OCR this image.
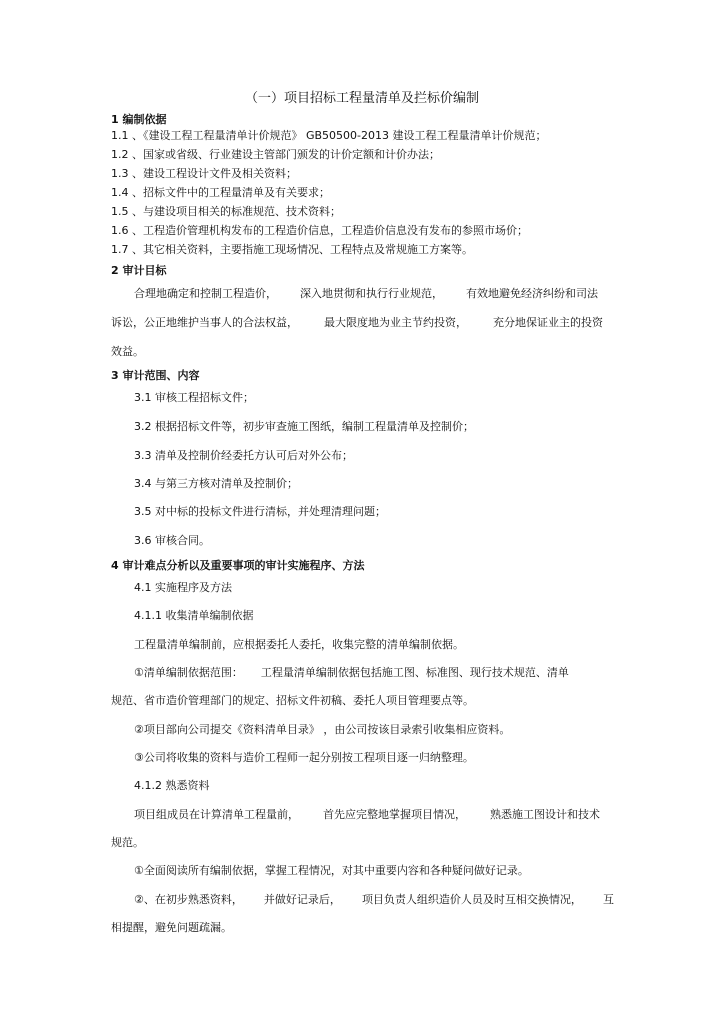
（一）项目招标工程量清单及拦标价编制
1 编制依据
1.1 、《建设工程工程量清单计价规范》 GB50500-2013 建设工程工程量清单计价规范；
1.2 、国家或省级、行业建设主管部门颁发的计价定额和计价办法；
1.3 、建设工程设计文件及相关资料；
1.4 、招标文件中的工程量清单及有关要求；
1.5 、与建设项目相关的标准规范、技术资料；
1.6 、工程造价管理机构发布的工程造价信息，工程造价信息没有发布的参照市场价；
1.7 、其它相关资料，主要指施工现场情况、工程特点及常规施工方案等。
2 审计目标
合理地确定和控制工程造价， 深入地贯彻和执行行业规范， 有效地避免经济纠纷和司法
诉讼，公正地维护当事人的合法权益， 最大限度地为业主节约投资， 充分地保证业主的投资
效益。
3 审计范围、内容
3.1 审核工程招标文件；
3.2 根据招标文件等，初步审查施工图纸，编制工程量清单及控制价；
3.3 清单及控制价经委托方认可后对外公布；
3.4 与第三方核对清单及控制价；
3.5 对中标的投标文件进行清标，并处理清理问题；
3.6 审核合同。
4 审计难点分析以及重要事项的审计实施程序、方法
4.1 实施程序及方法
4.1.1 收集清单编制依据
工程量清单编制前，应根据委托人委托，收集完整的清单编制依据。
①清单编制依据范围： 工程量清单编制依据包括施工图、标准图、现行技术规范、清单
规范、省市造价管理部门的规定、招标文件初稿、委托人项目管理要点等。
②项目部向公司提交《资料清单目录》 ，由公司按该目录索引收集相应资料。
③公司将收集的资料与造价工程师一起分别按工程项目逐一归纳整理。
4.1.2 熟悉资料
项目组成员在计算清单工程量前， 首先应完整地掌握项目情况， 熟悉施工图设计和技术
规范。
①全面阅读所有编制依据，掌握工程情况，对其中重要内容和各种疑问做好记录。
②、在初步熟悉资料， 并做好记录后， 项目负责人组织造价人员及时互相交换情况， 互
相提醒，避免问题疏漏。
